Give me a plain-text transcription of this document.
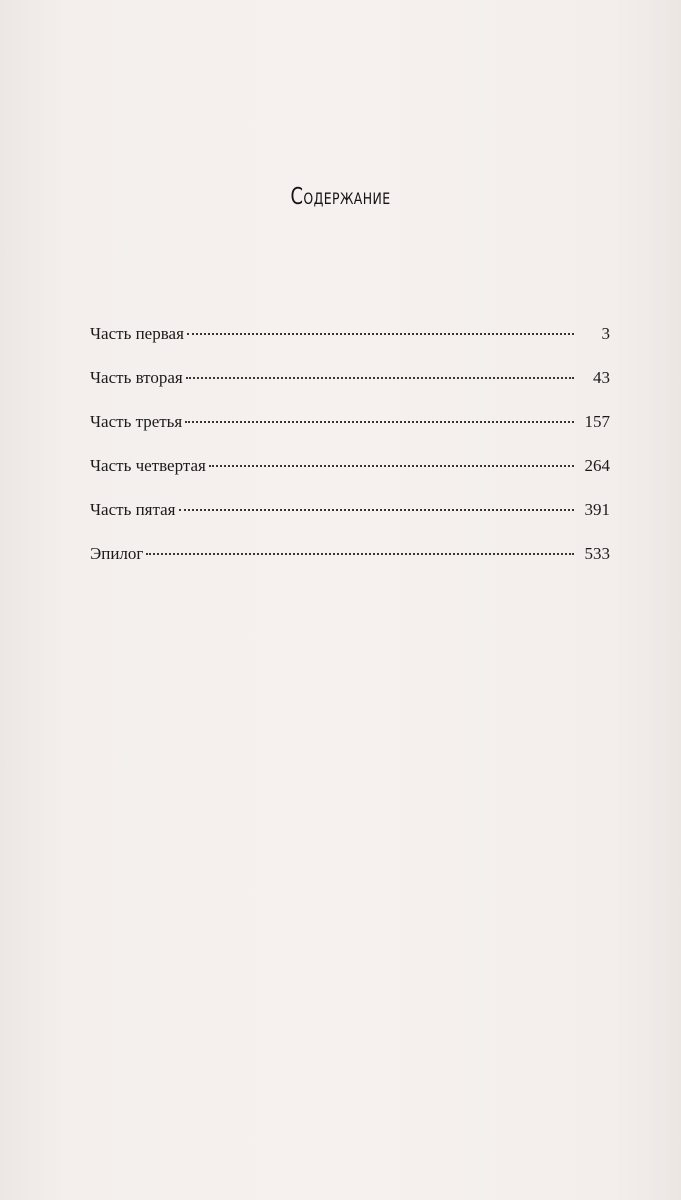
Содержание
Часть первая	3
Часть вторая	43
Часть третья	157
Часть четвертая	264
Часть пятая	391
Эпилог	533
